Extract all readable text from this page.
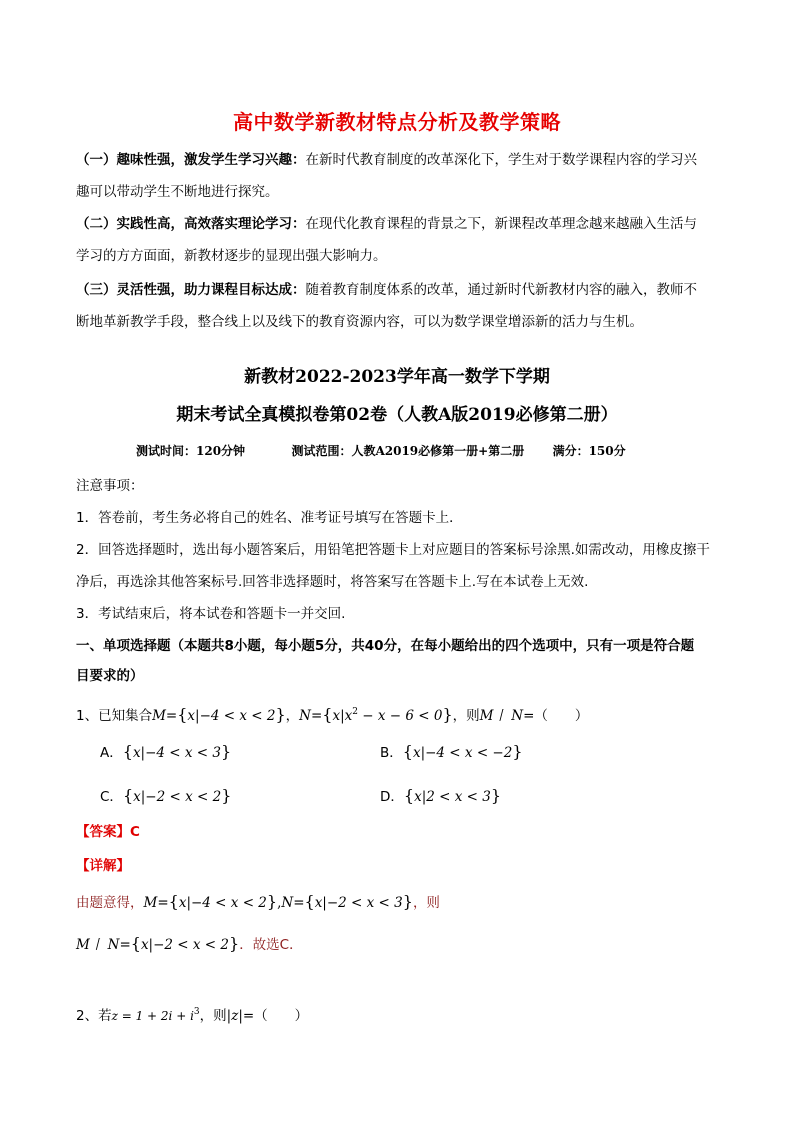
高中数学新教材特点分析及教学策略
（一）趣味性强，激发学生学习兴趣：在新时代教育制度的改革深化下，学生对于数学课程内容的学习兴
趣可以带动学生不断地进行探究。
（二）实践性高，高效落实理论学习：在现代化教育课程的背景之下，新课程改革理念越来越融入生活与
学习的方方面面，新教材逐步的显现出强大影响力。
（三）灵活性强，助力课程目标达成：随着教育制度体系的改革，通过新时代新教材内容的融入，教师不
断地革新教学手段，整合线上以及线下的教育资源内容，可以为数学课堂增添新的活力与生机。
新教材2022-2023学年高一数学下学期
期末考试全真模拟卷第02卷（人教A版2019必修第二册）
测试时间：120分钟	测试范围：人教A2019必修第一册+第二册 满分：150分
注意事项：
1．答卷前，考生务必将自己的姓名、准考证号填写在答题卡上．
2．回答选择题时，选出每小题答案后，用铅笔把答题卡上对应题目的答案标号涂黑.如需改动，用橡皮擦干
净后，再选涂其他答案标号.回答非选择题时，将答案写在答题卡上.写在本试卷上无效.
3．考试结束后，将本试卷和答题卡一并交回.
一、单项选择题（本题共8小题，每小题5分，共40分，在每小题给出的四个选项中，只有一项是符合题
目要求的）
1、已知集合M={x|−4 < x < 2}，$N=\{x|x^2 - x - 6 < 0\}$，则M丨 N=（　　）
A．{x|−4 < x < 3}	B．{x|−4 < x < −2}
C．{x|−2 < x < 2}	D．{x|2 < x < 3}
【答案】C
【详解】
由题意得，M={x|−4 < x < 2},N={x|−2 < x < 3}，则
M丨 N={x|−2 < x < 2}．故选C．
2、若$z = 1 + 2i + i^3$，则|z|=（　　）
